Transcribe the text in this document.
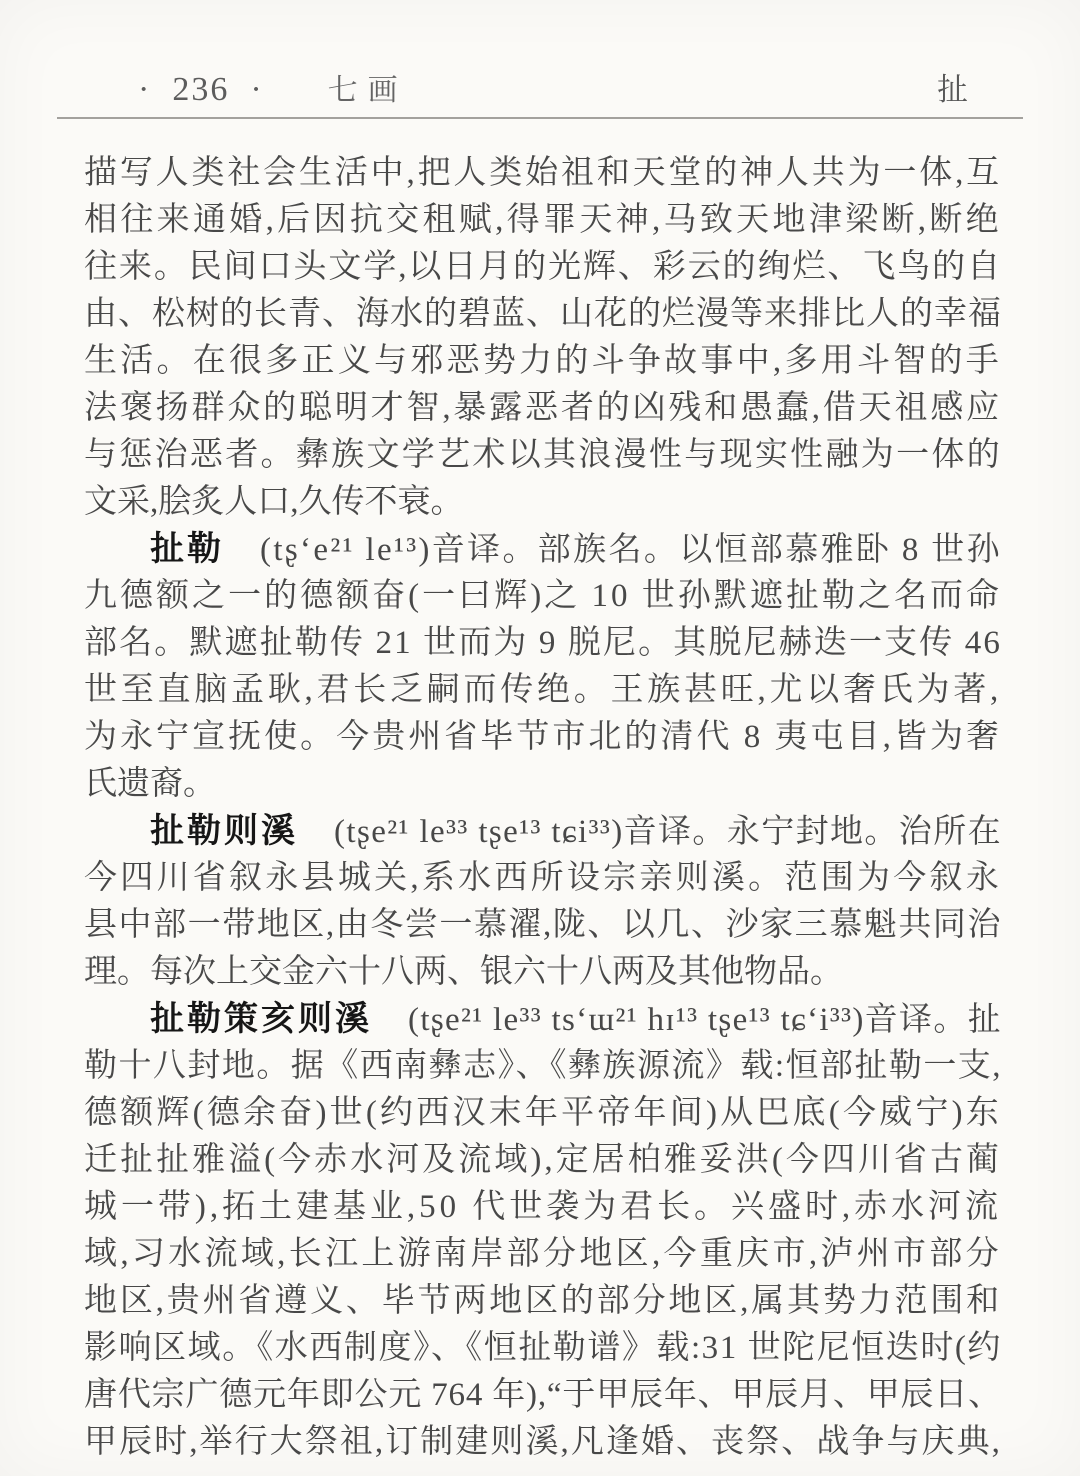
·  236  · 七画	扯
描写人类社会生活中,把人类始祖和天堂的神人共为一体,互
相往来通婚,后因抗交租赋,得罪天神,马致天地津梁断,断绝
往来。民间口头文学,以日月的光辉、彩云的绚烂、飞鸟的自
由、松树的长青、海水的碧蓝、山花的烂漫等来排比人的幸福
生活。在很多正义与邪恶势力的斗争故事中,多用斗智的手
法褒扬群众的聪明才智,暴露恶者的凶残和愚蠢,借天祖感应
与惩治恶者。彝族文学艺术以其浪漫性与现实性融为一体的
文采,脍炙人口,久传不衰。
扯勒 (tʂʻe²¹ le¹³)音译。部族名。以恒部慕雅卧 8 世孙
九德额之一的德额奋(一曰辉)之 10 世孙默遮扯勒之名而命
部名。默遮扯勒传 21 世而为 9 脱尼。其脱尼赫迭一支传 46
世至直脑孟耿,君长乏嗣而传绝。王族甚旺,尤以奢氏为著,
为永宁宣抚使。今贵州省毕节市北的清代 8 夷屯目,皆为奢
氏遗裔。
扯勒则溪 (tʂe²¹ le³³ tʂe¹³ tɕi³³)音译。永宁封地。治所在
今四川省叙永县城关,系水西所设宗亲则溪。范围为今叙永
县中部一带地区,由冬尝一慕濯,陇、以几、沙家三慕魁共同治
理。每次上交金六十八两、银六十八两及其他物品。
扯勒策亥则溪 (tʂe²¹ le³³ tsʻɯ²¹ hɪ¹³ tʂe¹³ tɕʻi³³)音译。扯
勒十八封地。据《西南彝志》、《彝族源流》载:恒部扯勒一支,
德额辉(德余奋)世(约西汉末年平帝年间)从巴底(今威宁)东
迁扯扯雅溢(今赤水河及流域),定居柏雅妥洪(今四川省古蔺
城一带),拓土建基业,50 代世袭为君长。兴盛时,赤水河流
域,习水流域,长江上游南岸部分地区,今重庆市,泸州市部分
地区,贵州省遵义、毕节两地区的部分地区,属其势力范围和
影响区域。《水西制度》、《恒扯勒谱》载:31 世陀尼恒迭时(约
唐代宗广德元年即公元 764 年),“于甲辰年、甲辰月、甲辰日、
甲辰时,举行大祭祖,订制建则溪,凡逢婚、丧祭、战争与庆典,
